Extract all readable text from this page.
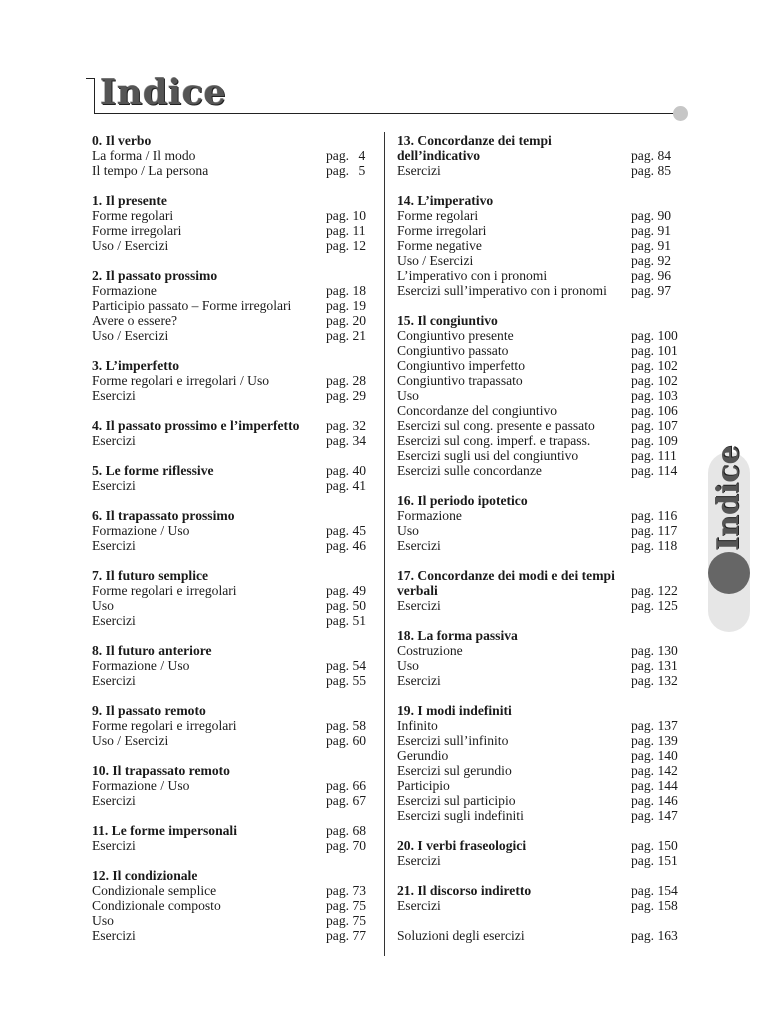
Indice
0. Il verbo
La forma / Il modo	pag. 4
Il tempo / La persona	pag. 5
1. Il presente
Forme regolari	pag. 10
Forme irregolari	pag. 11
Uso / Esercizi	pag. 12
2. Il passato prossimo
Formazione	pag. 18
Participio passato – Forme irregolari	pag. 19
Avere o essere?	pag. 20
Uso / Esercizi	pag. 21
3. L’imperfetto
Forme regolari e irregolari / Uso	pag. 28
Esercizi	pag. 29
4. Il passato prossimo e l’imperfetto pag. 32
Esercizi	pag. 34
5. Le forme riflessive	pag. 40
Esercizi	pag. 41
6. Il trapassato prossimo
Formazione / Uso	pag. 45
Esercizi	pag. 46
7. Il futuro semplice
Forme regolari e irregolari	pag. 49
Uso	pag. 50
Esercizi	pag. 51
8. Il futuro anteriore
Formazione / Uso	pag. 54
Esercizi	pag. 55
9. Il passato remoto
Forme regolari e irregolari	pag. 58
Uso / Esercizi	pag. 60
10. Il trapassato remoto
Formazione / Uso	pag. 66
Esercizi	pag. 67
11. Le forme impersonali	pag. 68
Esercizi	pag. 70
12. Il condizionale
Condizionale semplice	pag. 73
Condizionale composto	pag. 75
Uso	pag. 75
Esercizi	pag. 77
13. Concordanze dei tempi dell’indicativo	pag. 84
Esercizi	pag. 85
14. L’imperativo
Forme regolari	pag. 90
Forme irregolari	pag. 91
Forme negative	pag. 91
Uso / Esercizi	pag. 92
L’imperativo con i pronomi	pag. 96
Esercizi sull’imperativo con i pronomi pag. 97
15. Il congiuntivo
Congiuntivo presente	pag. 100
Congiuntivo passato	pag. 101
Congiuntivo imperfetto	pag. 102
Congiuntivo trapassato	pag. 102
Uso	pag. 103
Concordanze del congiuntivo	pag. 106
Esercizi sul cong. presente e passato	pag. 107
Esercizi sul cong. imperf. e trapass.	pag. 109
Esercizi sugli usi del congiuntivo	pag. 111
Esercizi sulle concordanze	pag. 114
16. Il periodo ipotetico
Formazione	pag. 116
Uso	pag. 117
Esercizi	pag. 118
17. Concordanze dei modi e dei tempi verbali	pag. 122
Esercizi	pag. 125
18. La forma passiva
Costruzione	pag. 130
Uso	pag. 131
Esercizi	pag. 132
19. I modi indefiniti
Infinito	pag. 137
Esercizi sull’infinito	pag. 139
Gerundio	pag. 140
Esercizi sul gerundio	pag. 142
Participio	pag. 144
Esercizi sul participio	pag. 146
Esercizi sugli indefiniti	pag. 147
20. I verbi fraseologici	pag. 150
Esercizi	pag. 151
21. Il discorso indiretto	pag. 154
Esercizi	pag. 158
Soluzioni degli esercizi	pag. 163
Indice
